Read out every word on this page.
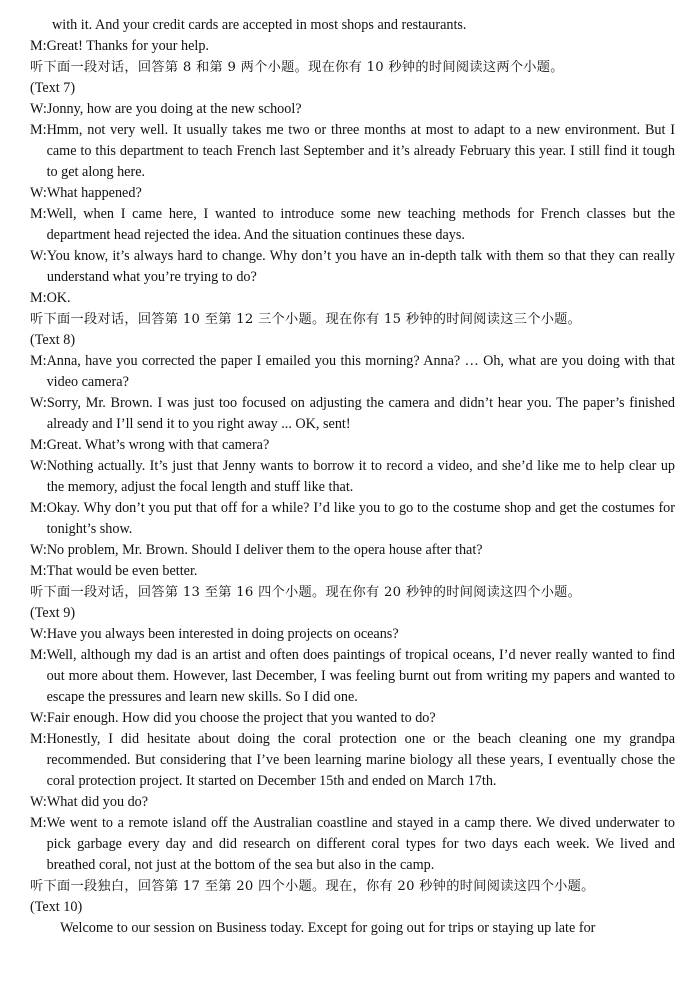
with it. And your credit cards are accepted in most shops and restaurants.

M: Great! Thanks for your help.

听下面一段对话，回答第 8 和第 9 两个小题。现在你有 10 秒钟的时间阅读这两个小题。

(Text 7)

W: Jonny, how are you doing at the new school?
M: Hmm, not very well. It usually takes me two or three months at most to adapt to a new environment. But I came to this department to teach French last September and it’s already February this year. I still find it tough to get along here.
W: What happened?
M: Well, when I came here, I wanted to introduce some new teaching methods for French classes but the department head rejected the idea. And the situation continues these days.
W: You know, it’s always hard to change. Why don’t you have an in-depth talk with them so that they can really understand what you’re trying to do?
M: OK.

听下面一段对话，回答第 10 至第 12 三个小题。现在你有 15 秒钟的时间阅读这三个小题。

(Text 8)

M: Anna, have you corrected the paper I emailed you this morning? Anna? … Oh, what are you doing with that video camera?
W: Sorry, Mr. Brown. I was just too focused on adjusting the camera and didn’t hear you. The paper’s finished already and I’ll send it to you right away ... OK, sent!
M: Great. What’s wrong with that camera?
W: Nothing actually. It’s just that Jenny wants to borrow it to record a video, and she’d like me to help clear up the memory, adjust the focal length and stuff like that.
M: Okay. Why don’t you put that off for a while? I’d like you to go to the costume shop and get the costumes for tonight’s show.
W: No problem, Mr. Brown. Should I deliver them to the opera house after that?
M: That would be even better.

听下面一段对话，回答第 13 至第 16 四个小题。现在你有 20 秒钟的时间阅读这四个小题。

(Text 9)

W: Have you always been interested in doing projects on oceans?
M: Well, although my dad is an artist and often does paintings of tropical oceans, I’d never really wanted to find out more about them. However, last December, I was feeling burnt out from writing my papers and wanted to escape the pressures and learn new skills. So I did one.
W: Fair enough. How did you choose the project that you wanted to do?
M: Honestly, I did hesitate about doing the coral protection one or the beach cleaning one my grandpa recommended. But considering that I’ve been learning marine biology all these years, I eventually chose the coral protection project. It started on December 15th and ended on March 17th.
W: What did you do?
M: We went to a remote island off the Australian coastline and stayed in a camp there. We dived underwater to pick garbage every day and did research on different coral types for two days each week. We lived and breathed coral, not just at the bottom of the sea but also in the camp.

听下面一段独白，回答第 17 至第 20 四个小题。现在，你有 20 秒钟的时间阅读这四个小题。

(Text 10)

Welcome to our session on Business today. Except for going out for trips or staying up late for
